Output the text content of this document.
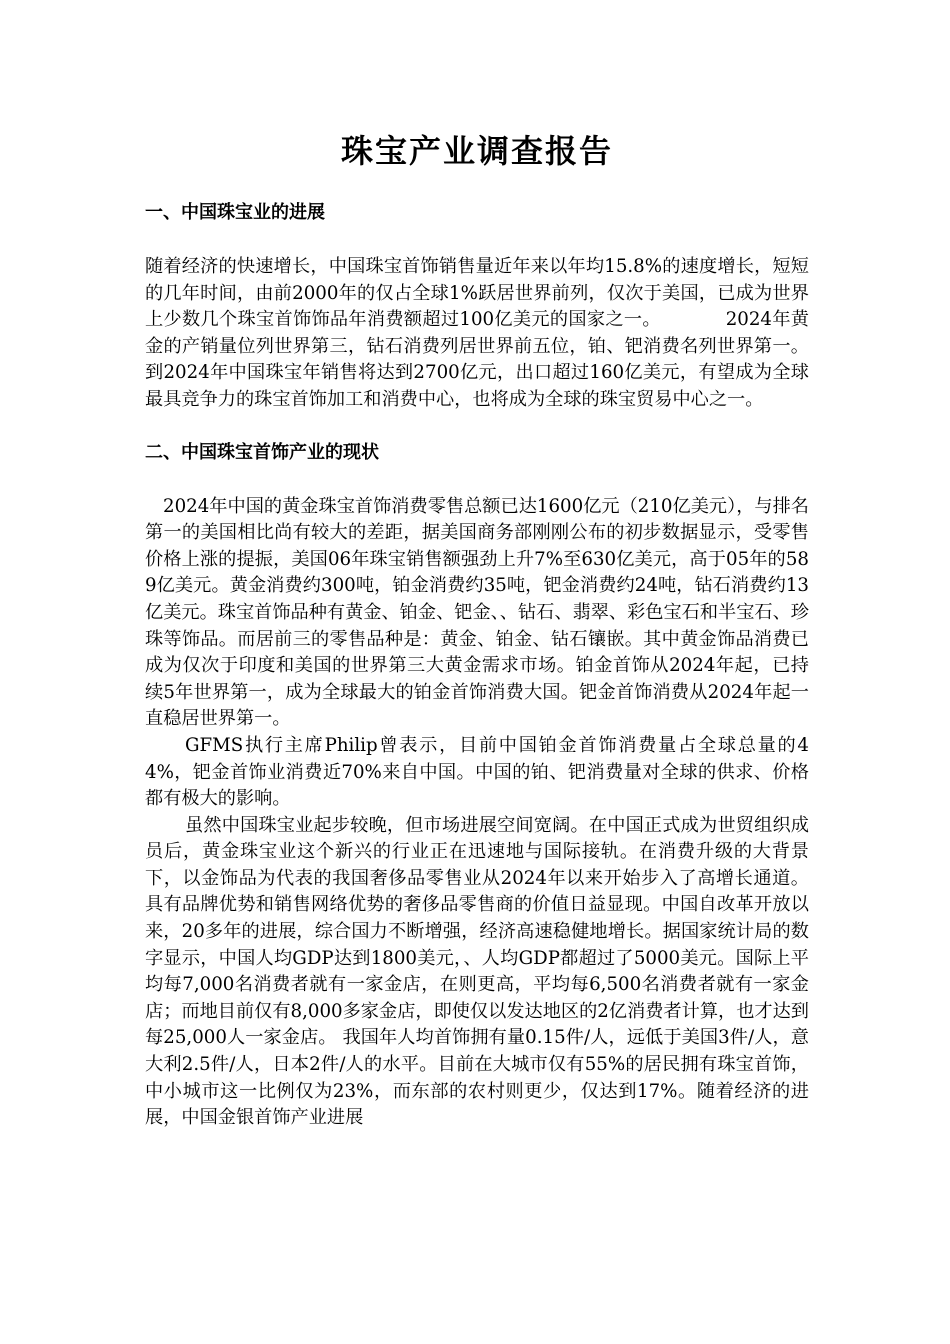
珠宝产业调查报告
一、中国珠宝业的进展

随着经济的快速增长，中国珠宝首饰销售量近年来以年均15.8%的速度增长，短短的几年时间，由前2000年的仅占全球1%跃居世界前列，仅次于美国，已成为世界上少数几个珠宝首饰饰品年消费额超过100亿美元的国家之一。　　　　2024年黄金的产销量位列世界第三，钻石消费列居世界前五位，铂、钯消费名列世界第一。到2024年中国珠宝年销售将达到2700亿元，出口超过160亿美元，有望成为全球最具竞争力的珠宝首饰加工和消费中心，也将成为全球的珠宝贸易中心之一。

二、中国珠宝首饰产业的现状

2024年中国的黄金珠宝首饰消费零售总额已达1600亿元（210亿美元），与排名第一的美国相比尚有较大的差距，据美国商务部刚刚公布的初步数据显示，受零售价格上涨的提振，美国06年珠宝销售额强劲上升7%至630亿美元，高于05年的589亿美元。黄金消费约300吨，铂金消费约35吨，钯金消费约24吨，钻石消费约13亿美元。珠宝首饰品种有黄金、铂金、钯金、、钻石、翡翠、彩色宝石和半宝石、珍珠等饰品。而居前三的零售品种是：黄金、铂金、钻石镶嵌。其中黄金饰品消费已成为仅次于印度和美国的世界第三大黄金需求市场。铂金首饰从2024年起，已持续5年世界第一，成为全球最大的铂金首饰消费大国。钯金首饰消费从2024年起一直稳居世界第一。

GFMS执行主席Philip曾表示，目前中国铂金首饰消费量占全球总量的44%，钯金首饰业消费近70%来自中国。中国的铂、钯消费量对全球的供求、价格都有极大的影响。

虽然中国珠宝业起步较晚，但市场进展空间宽阔。在中国正式成为世贸组织成员后，黄金珠宝业这个新兴的行业正在迅速地与国际接轨。在消费升级的大背景下，以金饰品为代表的我国奢侈品零售业从2024年以来开始步入了高增长通道。具有品牌优势和销售网络优势的奢侈品零售商的价值日益显现。中国自改革开放以来，20多年的进展，综合国力不断增强，经济高速稳健地增长。据国家统计局的数字显示，中国人均GDP达到1800美元，、人均GDP都超过了5000美元。国际上平均每7,000名消费者就有一家金店，在则更高，平均每6,500名消费者就有一家金店；而地目前仅有8,000多家金店，即使仅以发达地区的2亿消费者计算，也才达到每25,000人一家金店。 我国年人均首饰拥有量0.15件/人，远低于美国3件/人，意大利2.5件/人，日本2件/人的水平。目前在大城市仅有55%的居民拥有珠宝首饰，中小城市这一比例仅为23%，而东部的农村则更少，仅达到17%。随着经济的进展，中国金银首饰产业进展
